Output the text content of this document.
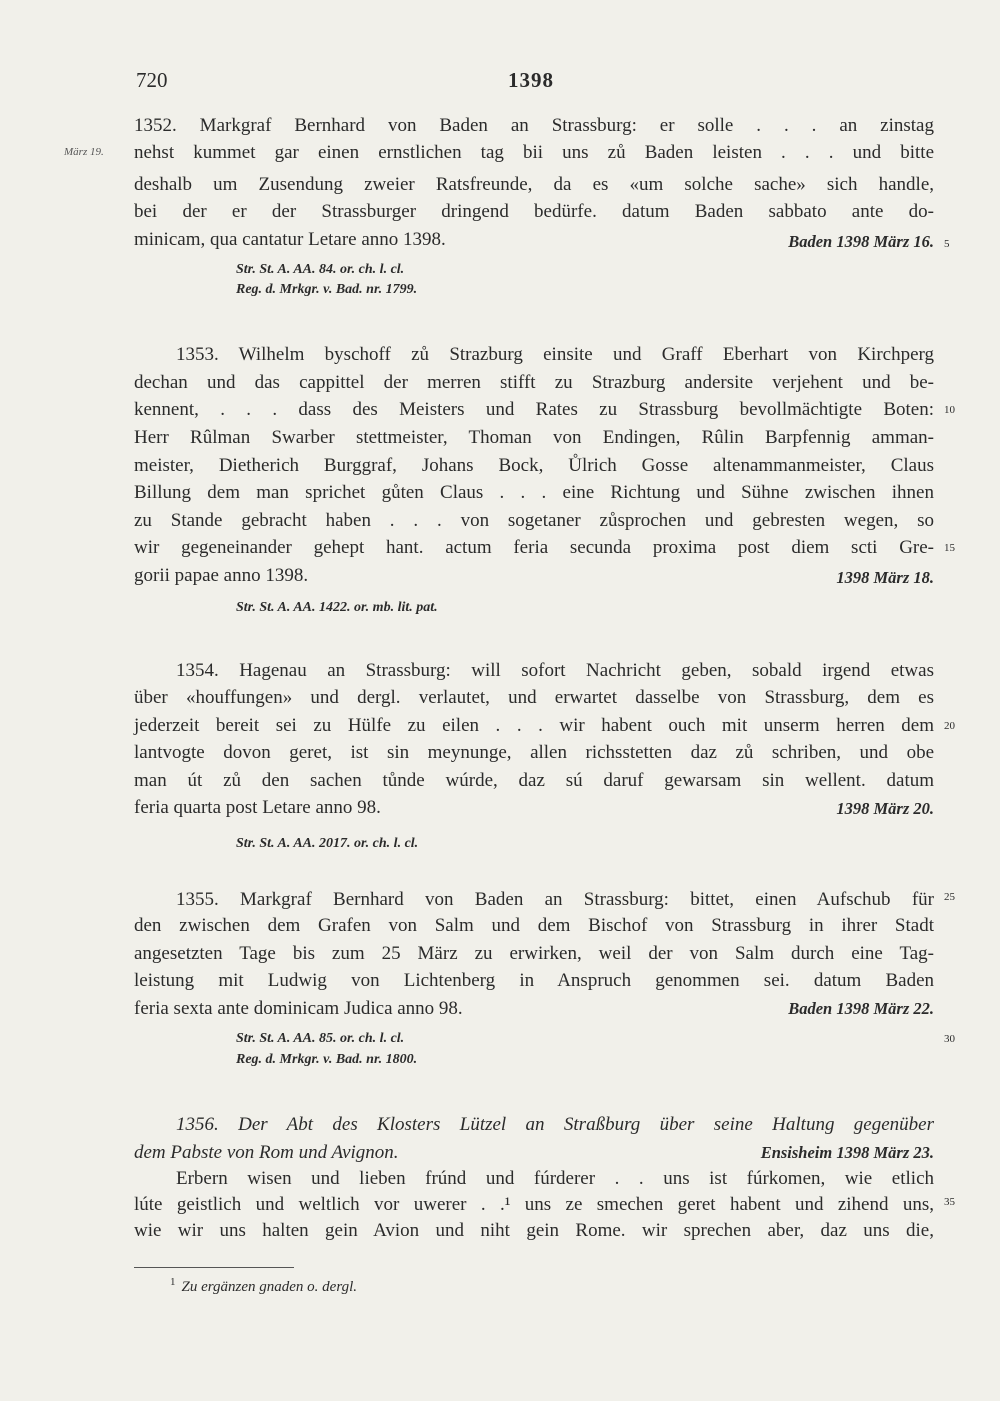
720	1398
1352. Markgraf Bernhard von Baden an Strassburg: er solle . . . an zinstag
März 19. nehst kummet gar einen ernstlichen tag bii uns zů Baden leisten . . . und bitte
deshalb um Zusendung zweier Ratsfreunde, da es «um solche sache» sich handle,
bei der er der Strassburger dringend bedürfe. datum Baden sabbato ante do-
minicam, qua cantatur Letare anno 1398.	Baden 1398 März 16. 5
Str. St. A. AA. 84. or. ch. l. cl.
Reg. d. Mrkgr. v. Bad. nr. 1799.
1353. Wilhelm byschoff zů Strazburg einsite und Graff Eberhart von Kirchperg
dechan und das cappittel der merren stifft zu Strazburg andersite verjehent und be-
kennent, . . . dass des Meisters und Rates zu Strassburg bevollmächtigte Boten: 10
Herr Rûlman Swarber stettmeister, Thoman von Endingen, Rûlin Barpfennig amman-
meister, Dietherich Burggraf, Johans Bock, Ůlrich Gosse altenammanmeister, Claus
Billung dem man sprichet gůten Claus . . . eine Richtung und Sühne zwischen ihnen
zu Stande gebracht haben . . . von sogetaner zůsprochen und gebresten wegen, so
wir gegeneinander gehept hant. actum feria secunda proxima post diem scti Gre- 15
gorii papae anno 1398.	1398 März 18.
Str. St. A. AA. 1422. or. mb. lit. pat.
1354. Hagenau an Strassburg: will sofort Nachricht geben, sobald irgend etwas
über «houffungen» und dergl. verlautet, und erwartet dasselbe von Strassburg, dem es
jederzeit bereit sei zu Hülfe zu eilen . . . wir habent ouch mit unserm herren dem 20
lantvogte dovon geret, ist sin meynunge, allen richsstetten daz zů schriben, und obe
man út zů den sachen tůnde wúrde, daz sú daruf gewarsam sin wellent. datum
feria quarta post Letare anno 98.	1398 März 20.
Str. St. A. AA. 2017. or. ch. l. cl.
1355. Markgraf Bernhard von Baden an Strassburg: bittet, einen Aufschub für 25
den zwischen dem Grafen von Salm und dem Bischof von Strassburg in ihrer Stadt
angesetzten Tage bis zum 25 März zu erwirken, weil der von Salm durch eine Tag-
leistung mit Ludwig von Lichtenberg in Anspruch genommen sei. datum Baden
feria sexta ante dominicam Judica anno 98.	Baden 1398 März 22.
Str. St. A. AA. 85. or. ch. l. cl.	30
Reg. d. Mrkgr. v. Bad. nr. 1800.
1356. Der Abt des Klosters Lützel an Straßburg über seine Haltung gegenüber
dem Pabste von Rom und Avignon.	Ensisheim 1398 März 23.
Erbern wisen und lieben frúnd und fúrderer . . uns ist fúrkomen, wie etlich
lúte geistlich und weltlich vor uwerer . .¹ uns ze smechen geret habent und zihend uns, 35
wie wir uns halten gein Avion und niht gein Rome. wir sprechen aber, daz uns die,
$^1$ Zu ergänzen gnaden o. dergl.
